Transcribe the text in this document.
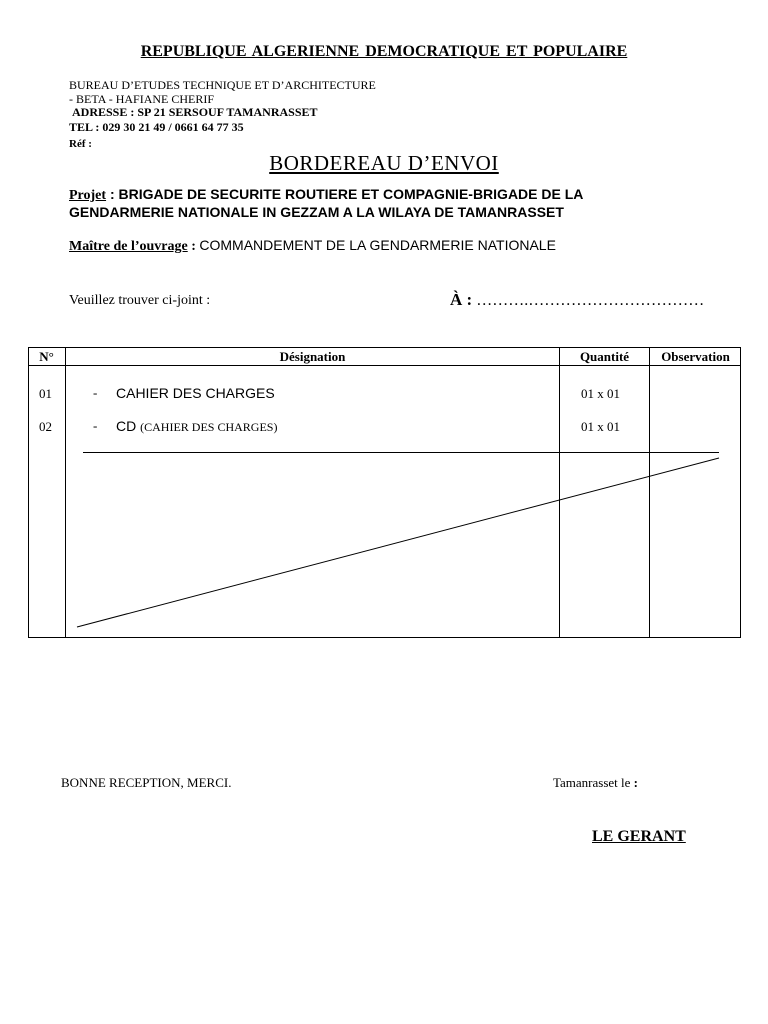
REPUBLIQUE ALGERIENNE DEMOCRATIQUE ET POPULAIRE
BUREAU D’ETUDES TECHNIQUE ET D’ARCHITECTURE
- BETA - HAFIANE CHERIF
ADRESSE : SP 21 SERSOUF TAMANRASSET
TEL : 029 30 21 49 / 0661 64 77 35
Réf :
BORDEREAU D’ENVOI
Projet : BRIGADE DE SECURITE ROUTIERE ET COMPAGNIE-BRIGADE DE LA
GENDARMERIE NATIONALE IN GEZZAM A LA WILAYA DE TAMANRASSET
Maître de l’ouvrage : COMMANDEMENT DE LA GENDARMERIE NATIONALE
Veuillez trouver ci-joint :	À : ……….……………………………
N°	Désignation	Quantité	Observation
01	- CAHIER DES CHARGES	01 x 01
02	- CD (CAHIER DES CHARGES)	01 x 01
BONNE RECEPTION, MERCI.	Tamanrasset le :
LE GERANT
